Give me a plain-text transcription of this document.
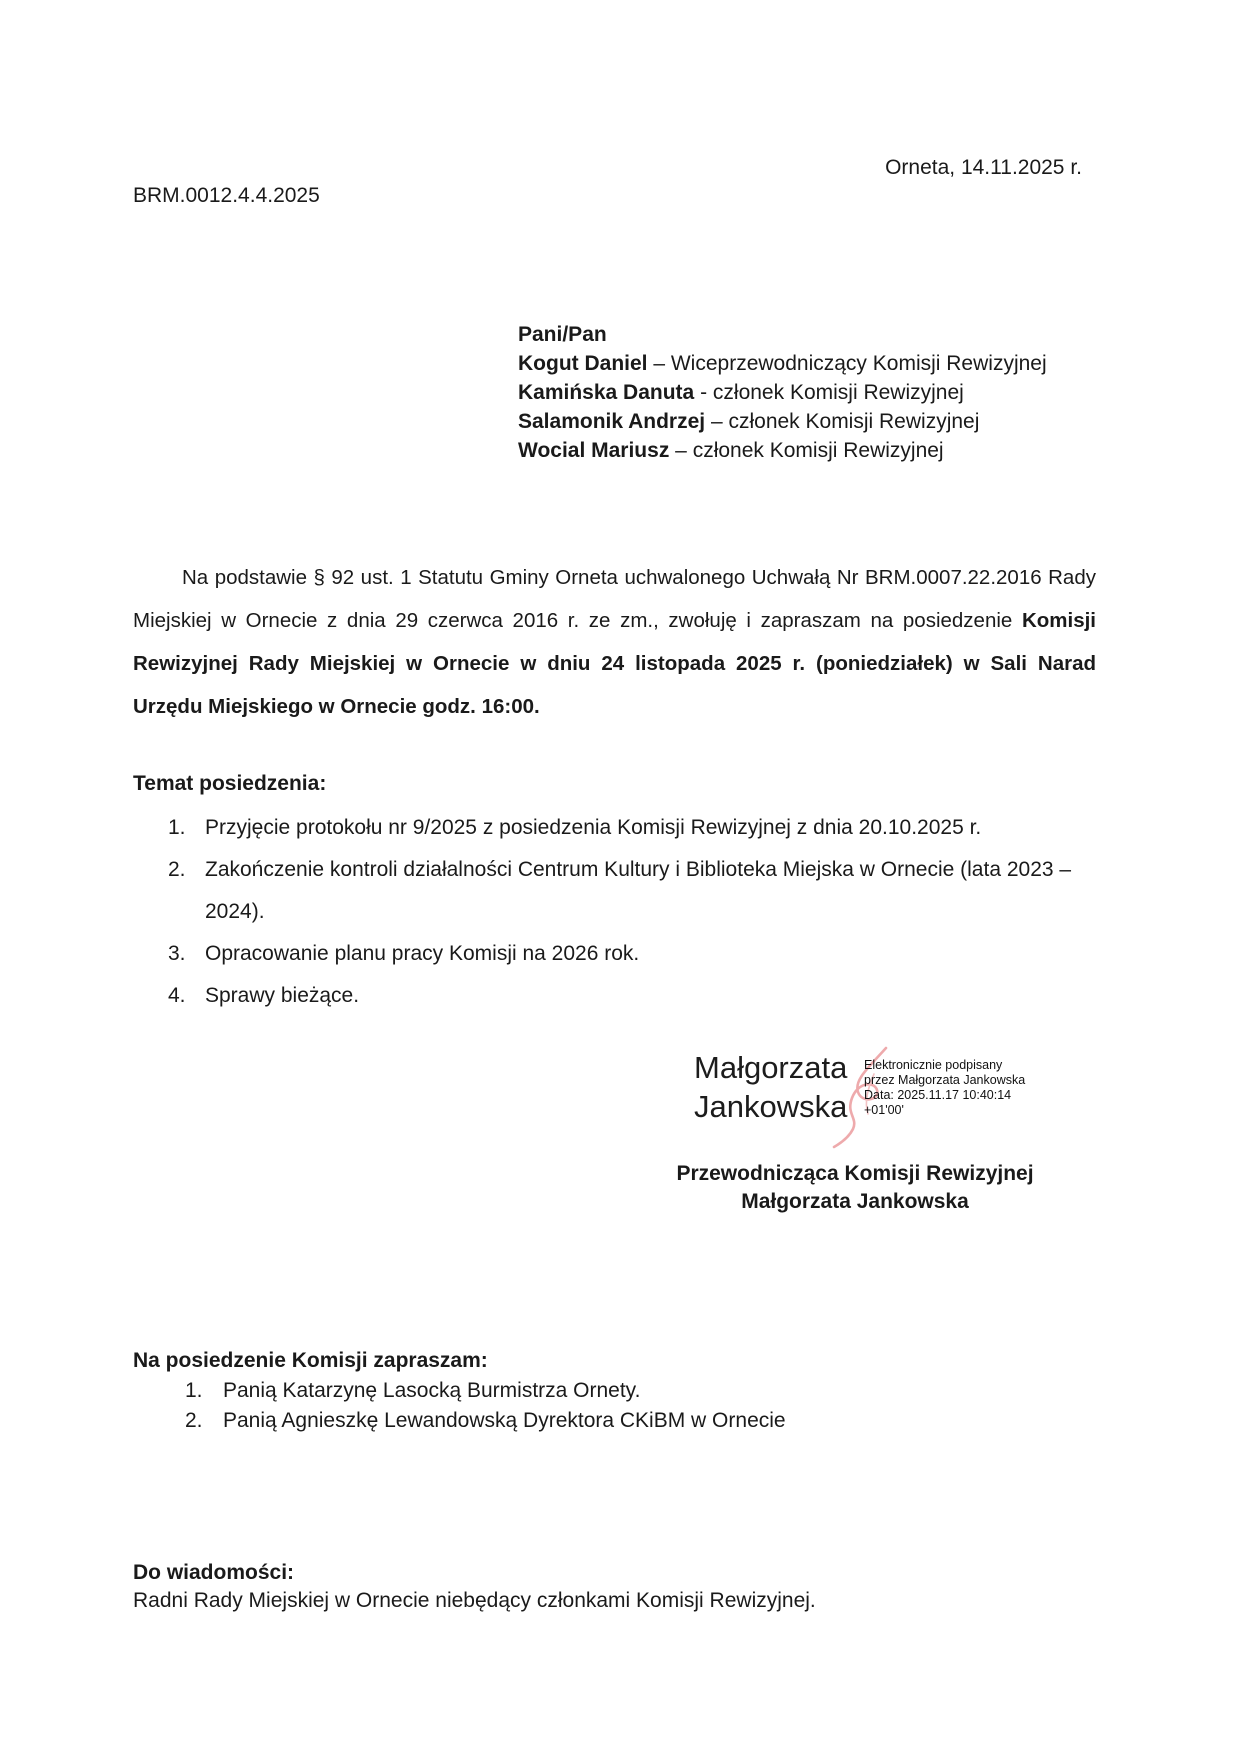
Orneta, 14.11.2025 r.
BRM.0012.4.4.2025
Pani/Pan
Kogut Daniel – Wiceprzewodniczący Komisji Rewizyjnej
Kamińska Danuta - członek Komisji Rewizyjnej
Salamonik Andrzej – członek Komisji Rewizyjnej
Wocial Mariusz – członek Komisji Rewizyjnej
Na podstawie § 92 ust. 1 Statutu Gminy Orneta uchwalonego Uchwałą Nr BRM.0007.22.2016 Rady Miejskiej w Ornecie z dnia 29 czerwca 2016 r. ze zm., zwołuję i zapraszam na posiedzenie Komisji Rewizyjnej Rady Miejskiej w Ornecie w dniu 24 listopada 2025 r. (poniedziałek) w Sali Narad Urzędu Miejskiego w Ornecie godz. 16:00.
Temat posiedzenia:
1. Przyjęcie protokołu nr 9/2025 z posiedzenia Komisji Rewizyjnej z dnia 20.10.2025 r.
2. Zakończenie kontroli działalności Centrum Kultury i Biblioteka Miejska w Ornecie (lata 2023 – 2024).
3. Opracowanie planu pracy Komisji na 2026 rok.
4. Sprawy bieżące.
Małgorzata
Jankowska
Elektronicznie podpisany
przez Małgorzata Jankowska
Data: 2025.11.17 10:40:14
+01'00'
Przewodnicząca Komisji Rewizyjnej
Małgorzata Jankowska
Na posiedzenie Komisji zapraszam:
1. Panią Katarzynę Lasocką Burmistrza Ornety.
2. Panią Agnieszkę Lewandowską Dyrektora CKiBM w Ornecie
Do wiadomości:
Radni Rady Miejskiej w Ornecie niebędący członkami Komisji Rewizyjnej.
